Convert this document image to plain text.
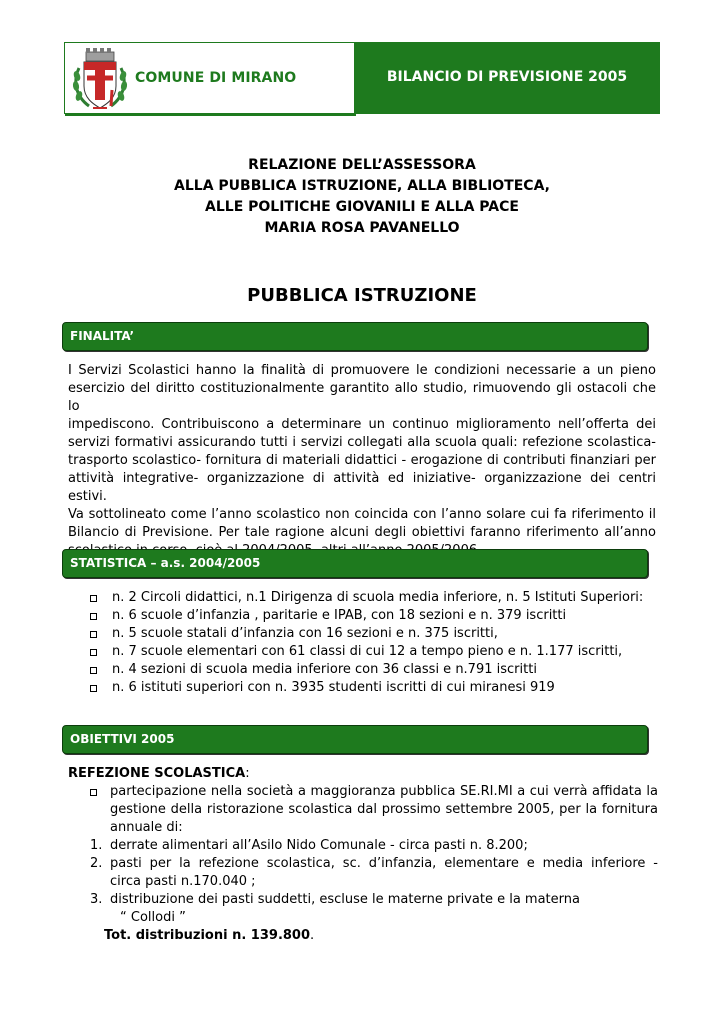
COMUNE DI MIRANO	BILANCIO DI PREVISIONE 2005
RELAZIONE DELL’ASSESSORA
ALLA PUBBLICA ISTRUZIONE, ALLA BIBLIOTECA,
ALLE POLITICHE GIOVANILI E ALLA PACE
MARIA ROSA PAVANELLO
PUBBLICA ISTRUZIONE
FINALITA’
I Servizi Scolastici hanno la finalità di promuovere le condizioni necessarie a un pieno
esercizio del diritto costituzionalmente garantito allo studio, rimuovendo gli ostacoli che lo
impediscono. Contribuiscono a determinare un continuo miglioramento nell’offerta dei
servizi formativi assicurando tutti i servizi collegati alla scuola quali: refezione scolastica-
trasporto scolastico- fornitura di materiali didattici - erogazione di contributi finanziari per
attività integrative- organizzazione di attività ed iniziative- organizzazione dei centri estivi.
Va sottolineato come l’anno scolastico non coincida con l’anno solare cui fa riferimento il
Bilancio di Previsione. Per tale ragione alcuni degli obiettivi faranno riferimento all’anno
STATISTICA – a.s. 2004/2005
n. 2 Circoli didattici, n.1 Dirigenza di scuola media inferiore, n. 5 Istituti Superiori:
n. 6 scuole d’infanzia , paritarie e IPAB, con 18 sezioni e n. 379 iscritti
n. 5 scuole statali d’infanzia con 16 sezioni e n. 375 iscritti,
n. 7 scuole elementari con 61 classi di cui 12 a tempo pieno e n. 1.177 iscritti,
n. 4 sezioni di scuola media inferiore con 36 classi e n.791 iscritti
n. 6 istituti superiori con n. 3935 studenti iscritti di cui miranesi 919
OBIETTIVI 2005
REFEZIONE SCOLASTICA:
partecipazione nella società a maggioranza pubblica SE.RI.MI a cui verrà affidata la
gestione della ristorazione scolastica dal prossimo settembre 2005, per la fornitura
annuale di:
1. derrate alimentari all’Asilo Nido Comunale - circa pasti n. 8.200;
2. pasti per la refezione scolastica, sc. d’infanzia, elementare e media inferiore -
circa pasti n.170.040 ;
3. distribuzione dei pasti suddetti, escluse le materne private e la materna
“ Collodi ”
Tot. distribuzioni n. 139.800.
